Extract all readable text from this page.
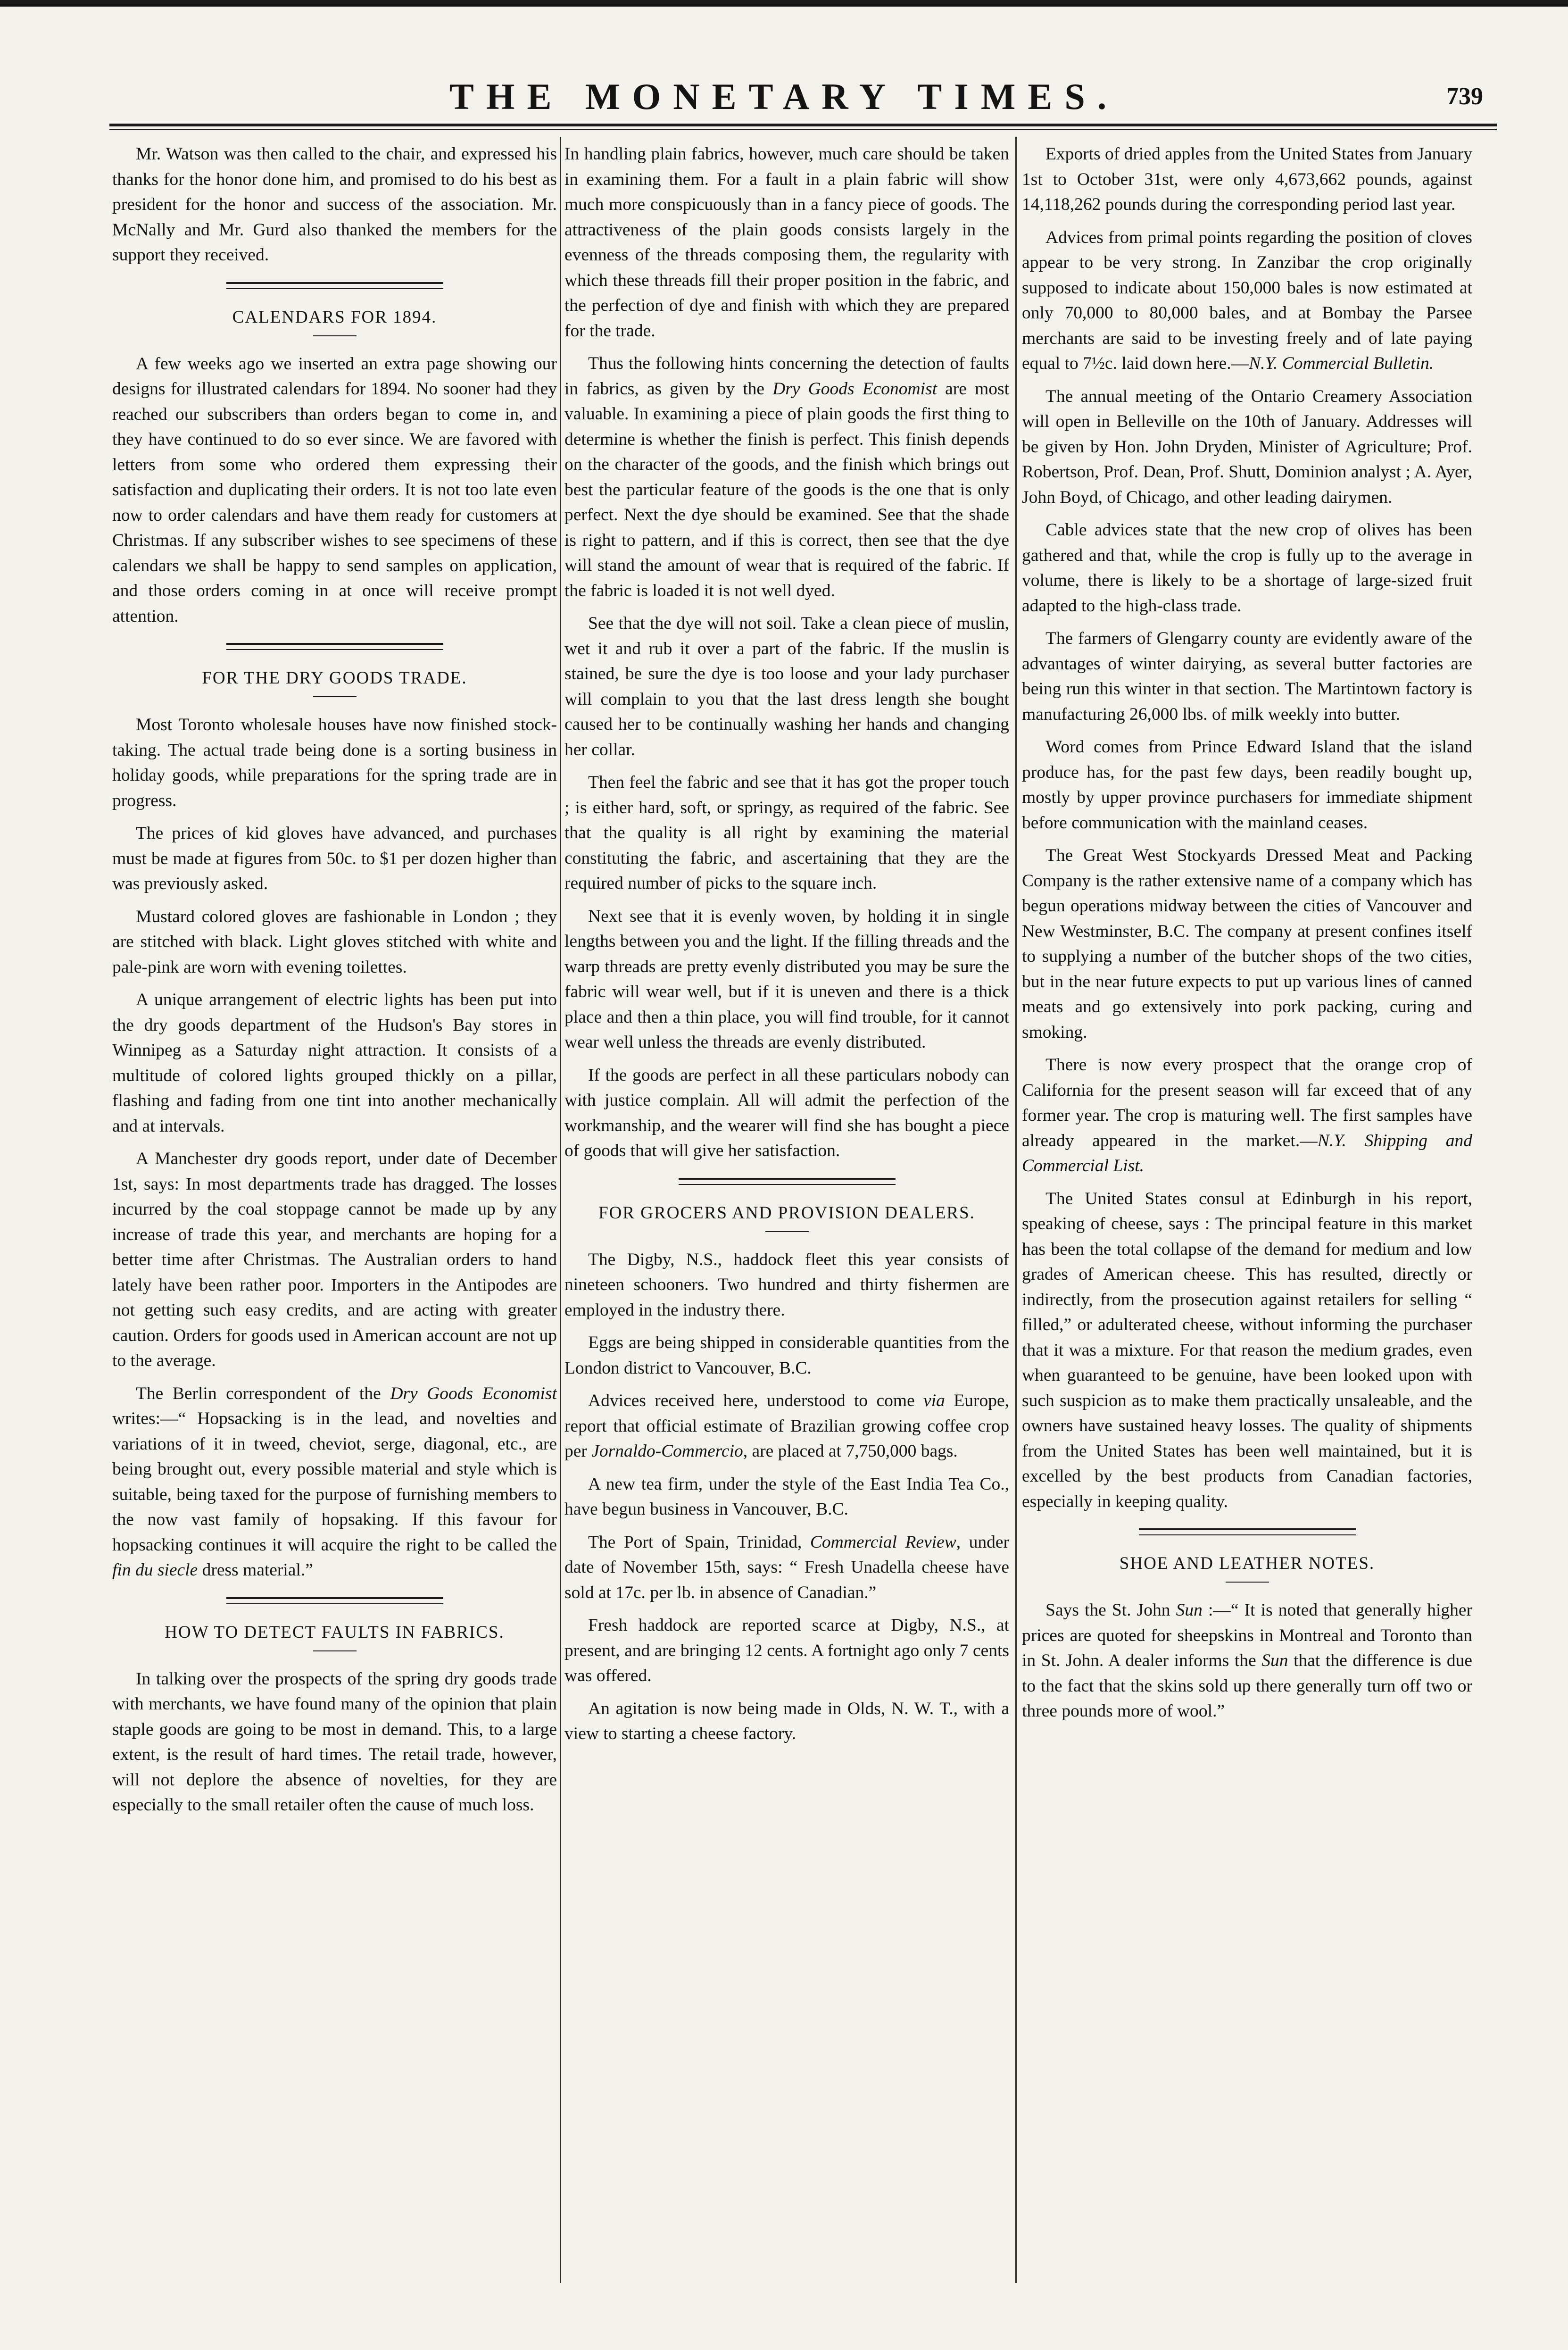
THE MONETARY TIMES.	739

Mr. Watson was then called to the chair, and expressed his thanks for the honor done him, and promised to do his best as president for the honor and success of the association. Mr. McNally and Mr. Gurd also thanked the members for the support they received.

CALENDARS FOR 1894.

A few weeks ago we inserted an extra page showing our designs for illustrated calendars for 1894. No sooner had they reached our subscribers than orders began to come in, and they have continued to do so ever since. We are favored with letters from some who ordered them expressing their satisfaction and duplicating their orders. It is not too late even now to order calendars and have them ready for customers at Christmas. If any subscriber wishes to see specimens of these calendars we shall be happy to send samples on application, and those orders coming in at once will receive prompt attention.

FOR THE DRY GOODS TRADE.

Most Toronto wholesale houses have now finished stock-taking. The actual trade being done is a sorting business in holiday goods, while preparations for the spring trade are in progress.

The prices of kid gloves have advanced, and purchases must be made at figures from 50c. to $1 per dozen higher than was previously asked.

Mustard colored gloves are fashionable in London ; they are stitched with black. Light gloves stitched with white and pale-pink are worn with evening toilettes.

A unique arrangement of electric lights has been put into the dry goods department of the Hudson's Bay stores in Winnipeg as a Saturday night attraction. It consists of a multitude of colored lights grouped thickly on a pillar, flashing and fading from one tint into another mechanically and at intervals.

A Manchester dry goods report, under date of December 1st, says: In most departments trade has dragged. The losses incurred by the coal stoppage cannot be made up by any increase of trade this year, and merchants are hoping for a better time after Christmas. The Australian orders to hand lately have been rather poor. Importers in the Antipodes are not getting such easy credits, and are acting with greater caution. Orders for goods used in American account are not up to the average.

The Berlin correspondent of the Dry Goods Economist writes:—“ Hopsacking is in the lead, and novelties and variations of it in tweed, cheviot, serge, diagonal, etc., are being brought out, every possible material and style which is suitable, being taxed for the purpose of furnishing members to the now vast family of hopsaking. If this favour for hopsacking continues it will acquire the right to be called the fin du siecle dress material.”

HOW TO DETECT FAULTS IN FABRICS.

In talking over the prospects of the spring dry goods trade with merchants, we have found many of the opinion that plain staple goods are going to be most in demand. This, to a large extent, is the result of hard times. The retail trade, however, will not deplore the absence of novelties, for they are especially to the small retailer often the cause of much loss.

In handling plain fabrics, however, much care should be taken in examining them. For a fault in a plain fabric will show much more conspicuously than in a fancy piece of goods. The attractiveness of the plain goods consists largely in the evenness of the threads composing them, the regularity with which these threads fill their proper position in the fabric, and the perfection of dye and finish with which they are prepared for the trade.

Thus the following hints concerning the detection of faults in fabrics, as given by the Dry Goods Economist are most valuable. In examining a piece of plain goods the first thing to determine is whether the finish is perfect. This finish depends on the character of the goods, and the finish which brings out best the particular feature of the goods is the one that is only perfect. Next the dye should be examined. See that the shade is right to pattern, and if this is correct, then see that the dye will stand the amount of wear that is required of the fabric. If the fabric is loaded it is not well dyed.

See that the dye will not soil. Take a clean piece of muslin, wet it and rub it over a part of the fabric. If the muslin is stained, be sure the dye is too loose and your lady purchaser will complain to you that the last dress length she bought caused her to be continually washing her hands and changing her collar.

Then feel the fabric and see that it has got the proper touch ; is either hard, soft, or springy, as required of the fabric. See that the quality is all right by examining the material constituting the fabric, and ascertaining that they are the required number of picks to the square inch.

Next see that it is evenly woven, by holding it in single lengths between you and the light. If the filling threads and the warp threads are pretty evenly distributed you may be sure the fabric will wear well, but if it is uneven and there is a thick place and then a thin place, you will find trouble, for it cannot wear well unless the threads are evenly distributed.

If the goods are perfect in all these particulars nobody can with justice complain. All will admit the perfection of the workmanship, and the wearer will find she has bought a piece of goods that will give her satisfaction.

FOR GROCERS AND PROVISION DEALERS.

The Digby, N.S., haddock fleet this year consists of nineteen schooners. Two hundred and thirty fishermen are employed in the industry there.

Eggs are being shipped in considerable quantities from the London district to Vancouver, B.C.

Advices received here, understood to come via Europe, report that official estimate of Brazilian growing coffee crop per Jornaldo-Commercio, are placed at 7,750,000 bags.

A new tea firm, under the style of the East India Tea Co., have begun business in Vancouver, B.C.

The Port of Spain, Trinidad, Commercial Review, under date of November 15th, says: “ Fresh Unadella cheese have sold at 17c. per lb. in absence of Canadian.”

Fresh haddock are reported scarce at Digby, N.S., at present, and are bringing 12 cents. A fortnight ago only 7 cents was offered.

An agitation is now being made in Olds, N. W. T., with a view to starting a cheese factory.

Exports of dried apples from the United States from January 1st to October 31st, were only 4,673,662 pounds, against 14,118,262 pounds during the corresponding period last year.

Advices from primal points regarding the position of cloves appear to be very strong. In Zanzibar the crop originally supposed to indicate about 150,000 bales is now estimated at only 70,000 to 80,000 bales, and at Bombay the Parsee merchants are said to be investing freely and of late paying equal to 7½c. laid down here.—N.Y. Commercial Bulletin.

The annual meeting of the Ontario Creamery Association will open in Belleville on the 10th of January. Addresses will be given by Hon. John Dryden, Minister of Agriculture; Prof. Robertson, Prof. Dean, Prof. Shutt, Dominion analyst ; A. Ayer, John Boyd, of Chicago, and other leading dairymen.

Cable advices state that the new crop of olives has been gathered and that, while the crop is fully up to the average in volume, there is likely to be a shortage of large-sized fruit adapted to the high-class trade.

The farmers of Glengarry county are evidently aware of the advantages of winter dairying, as several butter factories are being run this winter in that section. The Martintown factory is manufacturing 26,000 lbs. of milk weekly into butter.

Word comes from Prince Edward Island that the island produce has, for the past few days, been readily bought up, mostly by upper province purchasers for immediate shipment before communication with the mainland ceases.

The Great West Stockyards Dressed Meat and Packing Company is the rather extensive name of a company which has begun operations midway between the cities of Vancouver and New Westminster, B.C. The company at present confines itself to supplying a number of the butcher shops of the two cities, but in the near future expects to put up various lines of canned meats and go extensively into pork packing, curing and smoking.

There is now every prospect that the orange crop of California for the present season will far exceed that of any former year. The crop is maturing well. The first samples have already appeared in the market.—N.Y. Shipping and Commercial List.

The United States consul at Edinburgh in his report, speaking of cheese, says : The principal feature in this market has been the total collapse of the demand for medium and low grades of American cheese. This has resulted, directly or indirectly, from the prosecution against retailers for selling “ filled,” or adulterated cheese, without informing the purchaser that it was a mixture. For that reason the medium grades, even when guaranteed to be genuine, have been looked upon with such suspicion as to make them practically unsaleable, and the owners have sustained heavy losses. The quality of shipments from the United States has been well maintained, but it is excelled by the best products from Canadian factories, especially in keeping quality.

SHOE AND LEATHER NOTES.

Says the St. John Sun :—“ It is noted that generally higher prices are quoted for sheepskins in Montreal and Toronto than in St. John. A dealer informs the Sun that the difference is due to the fact that the skins sold up there generally turn off two or three pounds more of wool.”
